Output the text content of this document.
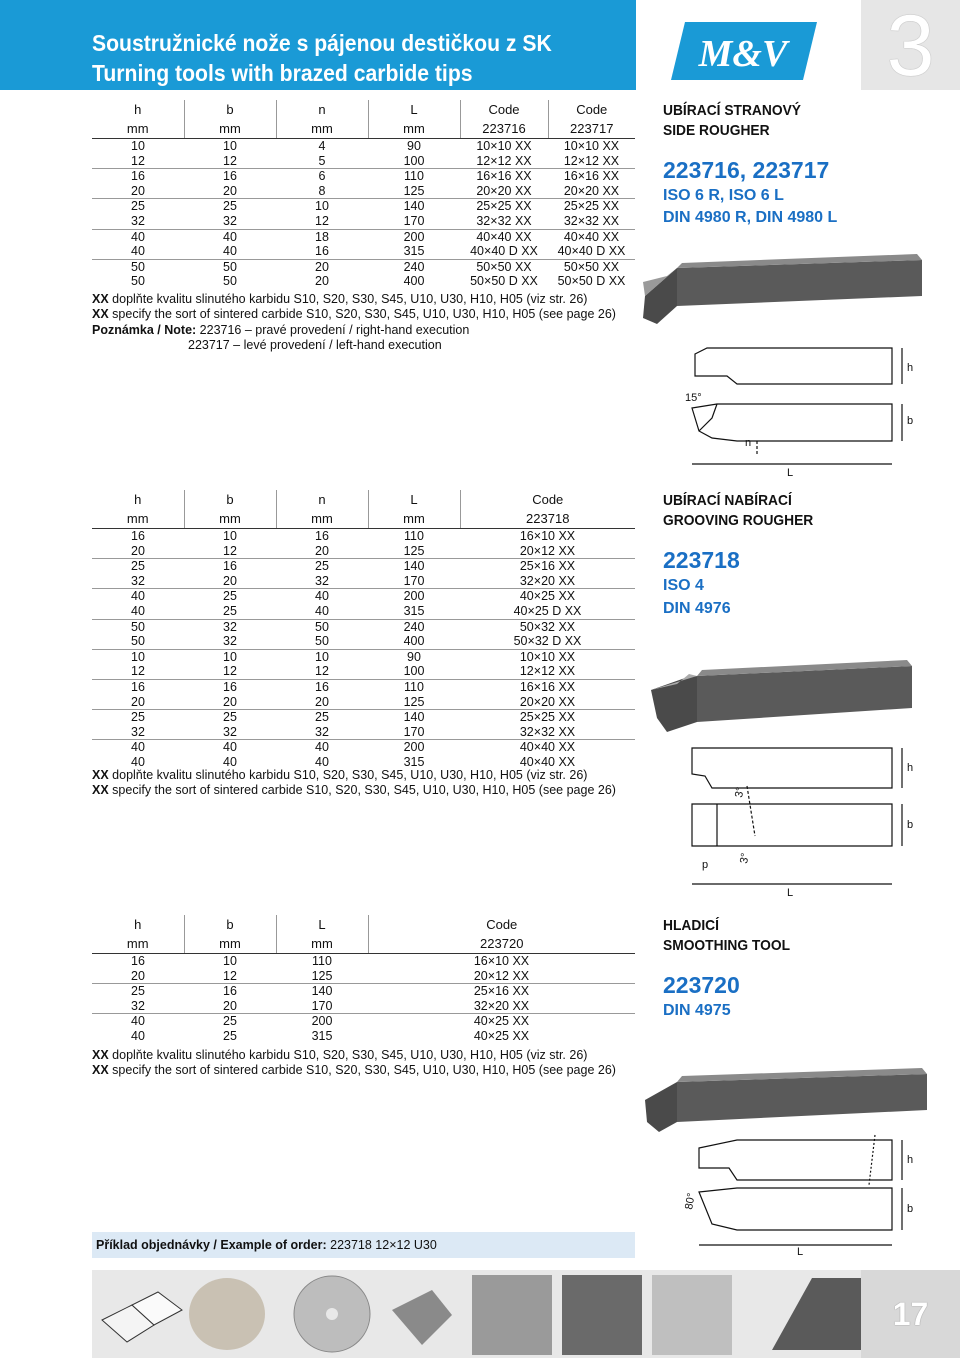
Soustružnické nože s pájenou destičkou z SK
Turning tools with brazed carbide tips	M&V 3
h	b	n	L	Code	Code
mm	mm	mm	mm	223716	223717
10	10	4	90	10×10 XX	10×10 XX
12	12	5	100	12×12 XX	12×12 XX
16	16	6	110	16×16 XX	16×16 XX
20	20	8	125	20×20 XX	20×20 XX
25	25	10	140	25×25 XX	25×25 XX
32	32	12	170	32×32 XX	32×32 XX
40	40	18	200	40×40 XX	40×40 XX
40	40	16	315	40×40 D XX	40×40 D XX
50	50	20	240	50×50 XX	50×50 XX
50	50	20	400	50×50 D XX	50×50 D XX
XX doplňte kvalitu slinutého karbidu S10, S20, S30, S45, U10, U30, H10, H05 (viz str. 26)
XX specify the sort of sintered carbide S10, S20, S30, S45, U10, U30, H10, H05 (see page 26)
Poznámka / Note: 223716 – pravé provedení / right-hand execution
223717 – levé provedení / left-hand execution
UBÍRACÍ STRANOVÝ
SIDE ROUGHER
223716, 223717
ISO 6 R, ISO 6 L
DIN 4980 R, DIN 4980 L
h
b
n
L
15°
h	b	n	L	Code
mm	mm	mm	mm	223718
16	10	16	110	16×10 XX
20	12	20	125	20×12 XX
25	16	25	140	25×16 XX
32	20	32	170	32×20 XX
40	25	40	200	40×25 XX
40	25	40	315	40×25 D XX
50	32	50	240	50×32 XX
50	32	50	400	50×32 D XX
10	10	10	90	10×10 XX
12	12	12	100	12×12 XX
16	16	16	110	16×16 XX
20	20	20	125	20×20 XX
25	25	25	140	25×25 XX
32	32	32	170	32×32 XX
40	40	40	200	40×40 XX
40	40	40	315	40×40 XX
XX doplňte kvalitu slinutého karbidu S10, S20, S30, S45, U10, U30, H10, H05 (viz str. 26)
XX specify the sort of sintered carbide S10, S20, S30, S45, U10, U30, H10, H05 (see page 26)
UBÍRACÍ NABÍRACÍ
GROOVING ROUGHER
223718
ISO 4
DIN 4976
h
b
3°
3°
p
L
h	b	L	Code
mm	mm	mm	223720
16	10	110	16×10 XX
20	12	125	20×12 XX
25	16	140	25×16 XX
32	20	170	32×20 XX
40	25	200	40×25 XX
40	25	315	40×25 XX
XX doplňte kvalitu slinutého karbidu S10, S20, S30, S45, U10, U30, H10, H05 (viz str. 26)
XX specify the sort of sintered carbide S10, S20, S30, S45, U10, U30, H10, H05 (see page 26)
HLADICÍ
SMOOTHING TOOL
223720
DIN 4975
h
b
80°
L
Příklad objednávky / Example of order: 223718 12×12 U30
17
